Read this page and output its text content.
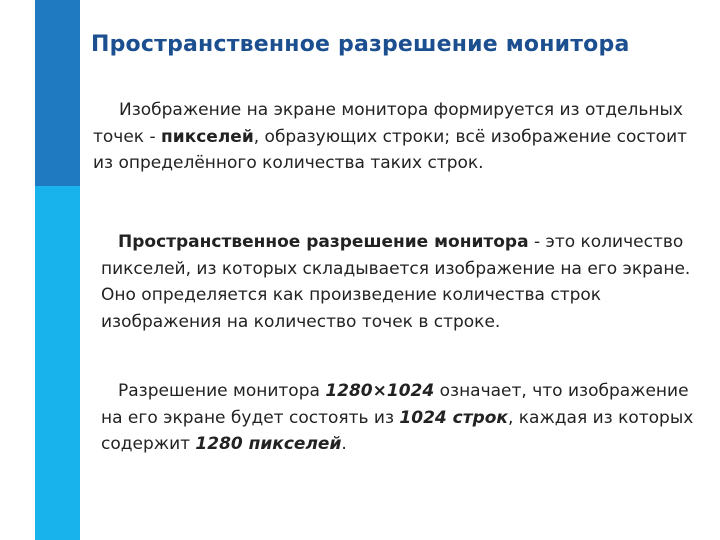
Пространственное разрешение монитора

Изображение на экране монитора формируется из отдельных точек - пикселей, образующих строки; всё изображение состоит из определённого количества таких строк.

Пространственное разрешение монитора - это количество пикселей, из которых складывается изображение на его экране. Оно определяется как произведение количества строк изображения на количество точек в строке.

Разрешение монитора 1280×1024 означает, что изображение на его экране будет состоять из 1024 строк, каждая из которых содержит 1280 пикселей.
